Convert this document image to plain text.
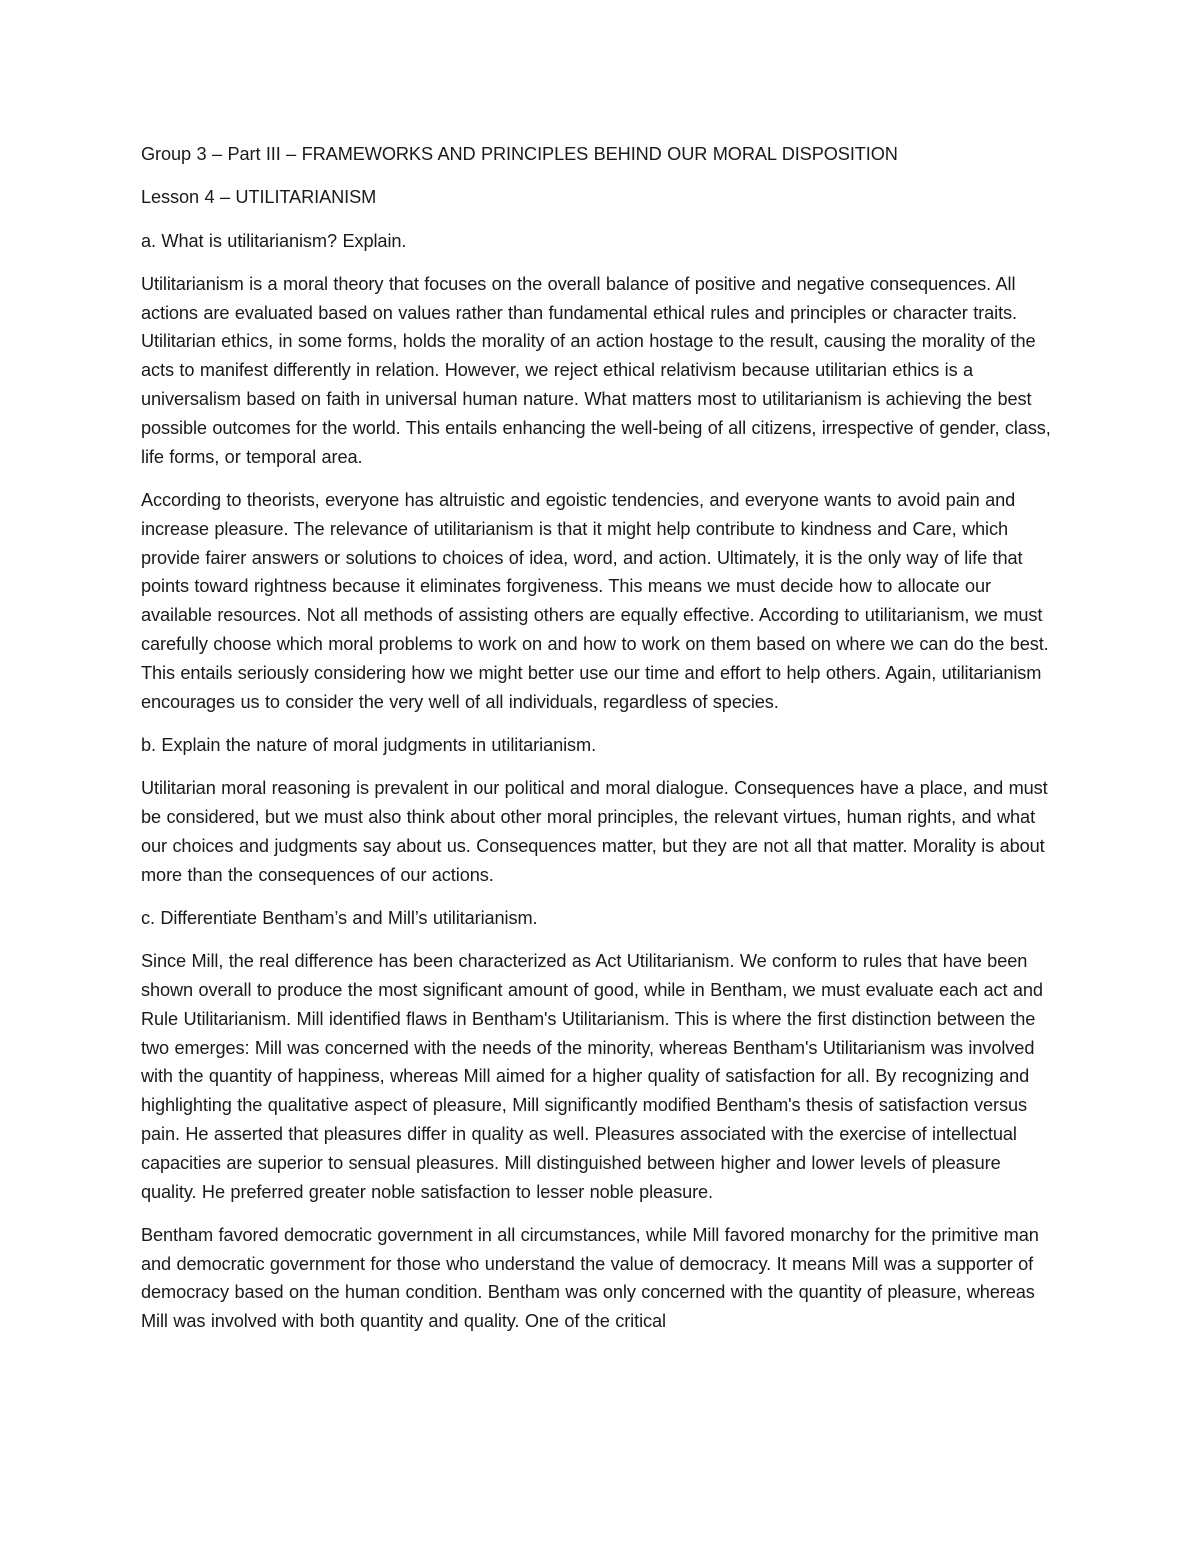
Group 3 – Part III – FRAMEWORKS AND PRINCIPLES BEHIND OUR MORAL DISPOSITION
Lesson 4 – UTILITARIANISM
a. What is utilitarianism? Explain.
Utilitarianism is a moral theory that focuses on the overall balance of positive and negative consequences. All actions are evaluated based on values rather than fundamental ethical rules and principles or character traits. Utilitarian ethics, in some forms, holds the morality of an action hostage to the result, causing the morality of the acts to manifest differently in relation. However, we reject ethical relativism because utilitarian ethics is a universalism based on faith in universal human nature. What matters most to utilitarianism is achieving the best possible outcomes for the world. This entails enhancing the well-being of all citizens, irrespective of gender, class, life forms, or temporal area.
According to theorists, everyone has altruistic and egoistic tendencies, and everyone wants to avoid pain and increase pleasure. The relevance of utilitarianism is that it might help contribute to kindness and Care, which provide fairer answers or solutions to choices of idea, word, and action. Ultimately, it is the only way of life that points toward rightness because it eliminates forgiveness. This means we must decide how to allocate our available resources. Not all methods of assisting others are equally effective. According to utilitarianism, we must carefully choose which moral problems to work on and how to work on them based on where we can do the best. This entails seriously considering how we might better use our time and effort to help others. Again, utilitarianism encourages us to consider the very well of all individuals, regardless of species.
b. Explain the nature of moral judgments in utilitarianism.
Utilitarian moral reasoning is prevalent in our political and moral dialogue. Consequences have a place, and must be considered, but we must also think about other moral principles, the relevant virtues, human rights, and what our choices and judgments say about us. Consequences matter, but they are not all that matter. Morality is about more than the consequences of our actions.
c. Differentiate Bentham’s and Mill’s utilitarianism.
Since Mill, the real difference has been characterized as Act Utilitarianism. We conform to rules that have been shown overall to produce the most significant amount of good, while in Bentham, we must evaluate each act and Rule Utilitarianism. Mill identified flaws in Bentham's Utilitarianism. This is where the first distinction between the two emerges: Mill was concerned with the needs of the minority, whereas Bentham's Utilitarianism was involved with the quantity of happiness, whereas Mill aimed for a higher quality of satisfaction for all. By recognizing and highlighting the qualitative aspect of pleasure, Mill significantly modified Bentham's thesis of satisfaction versus pain. He asserted that pleasures differ in quality as well. Pleasures associated with the exercise of intellectual capacities are superior to sensual pleasures. Mill distinguished between higher and lower levels of pleasure quality. He preferred greater noble satisfaction to lesser noble pleasure.
Bentham favored democratic government in all circumstances, while Mill favored monarchy for the primitive man and democratic government for those who understand the value of democracy. It means Mill was a supporter of democracy based on the human condition. Bentham was only concerned with the quantity of pleasure, whereas Mill was involved with both quantity and quality. One of the critical
